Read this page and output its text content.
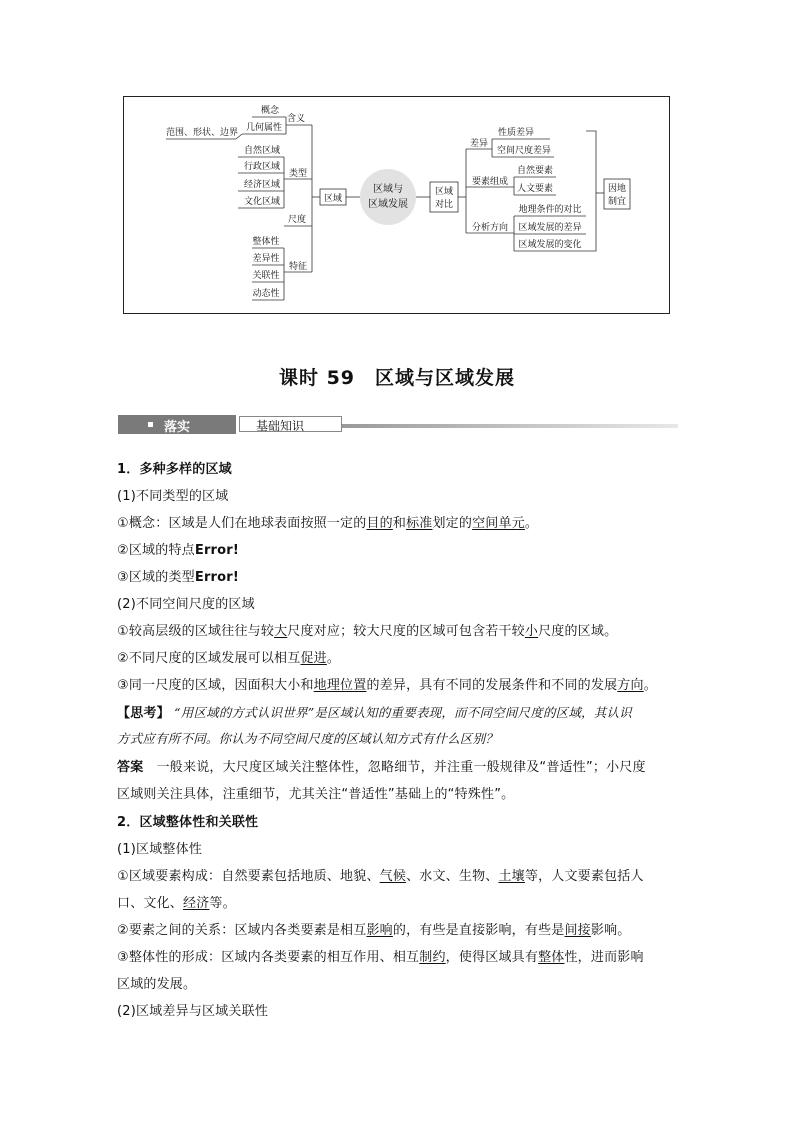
概念
几何属性
范围、形状、边界
含义
自然区域
行政区域
经济区域
文化区域
类型
尺度
整体性
差异性
关联性
动态性
特征
区域
区域与
区域发展
区域
对比
差异
性质差异
空间尺度差异
要素组成
自然要素
人文要素
分析方向
地理条件的对比
区域发展的差异
区域发展的变化
因地
制宜
课时 59　区域与区域发展
落实	基础知识
1．多种多样的区域
(1)不同类型的区域
①概念：区域是人们在地球表面按照一定的目的和标准划定的空间单元。
②区域的特点Error!
③区域的类型Error!
(2)不同空间尺度的区域
①较高层级的区域往往与较大尺度对应；较大尺度的区域可包含若干较小尺度的区域。
②不同尺度的区域发展可以相互促进。
③同一尺度的区域，因面积大小和地理位置的差异，具有不同的发展条件和不同的发展方向。
【思考】 “用区域的方式认识世界”是区域认知的重要表现，而不同空间尺度的区域，其认识
方式应有所不同。你认为不同空间尺度的区域认知方式有什么区别？
答案　 一般来说，大尺度区域关注整体性，忽略细节，并注重一般规律及“普适性”；小尺度
区域则关注具体，注重细节，尤其关注“普适性”基础上的“特殊性”。
2．区域整体性和关联性
(1)区域整体性
①区域要素构成：自然要素包括地质、地貌、气候、水文、生物、土壤等，人文要素包括人
口、文化、经济等。
②要素之间的关系：区域内各类要素是相互影响的，有些是直接影响，有些是间接影响。
③整体性的形成：区域内各类要素的相互作用、相互制约，使得区域具有整体性，进而影响
区域的发展。
(2)区域差异与区域关联性
